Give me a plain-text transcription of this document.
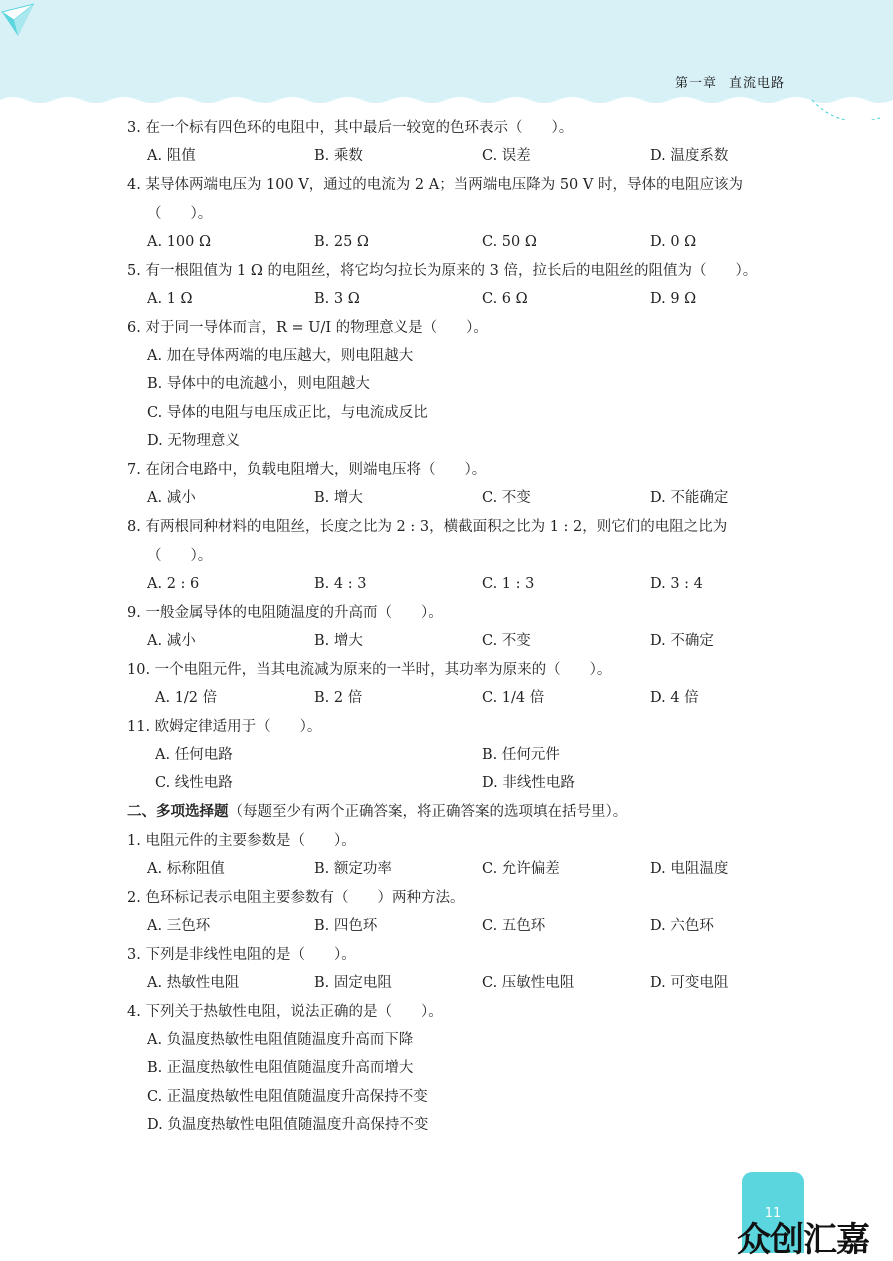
第一章 直流电路
3. 在一个标有四色环的电阻中，其中最后一较宽的色环表示（　　）。
A. 阻值	B. 乘数	C. 误差	D. 温度系数
4. 某导体两端电压为 100 V，通过的电流为 2 A；当两端电压降为 50 V 时，导体的电阻应该为
（　　）。
A. 100 Ω	B. 25 Ω	C. 50 Ω	D. 0 Ω
5. 有一根阻值为 1 Ω 的电阻丝，将它均匀拉长为原来的 3 倍，拉长后的电阻丝的阻值为（　　）。
A. 1 Ω	B. 3 Ω	C. 6 Ω	D. 9 Ω
6. 对于同一导体而言，R = U/I 的物理意义是（　　）。
A. 加在导体两端的电压越大，则电阻越大
B. 导体中的电流越小，则电阻越大
C. 导体的电阻与电压成正比，与电流成反比
D. 无物理意义
7. 在闭合电路中，负载电阻增大，则端电压将（　　）。
A. 减小	B. 增大	C. 不变	D. 不能确定
8. 有两根同种材料的电阻丝，长度之比为 2 : 3，横截面积之比为 1 : 2，则它们的电阻之比为
（　　）。
A. 2 : 6	B. 4 : 3	C. 1 : 3	D. 3 : 4
9. 一般金属导体的电阻随温度的升高而（　　）。
A. 减小	B. 增大	C. 不变	D. 不确定
10. 一个电阻元件，当其电流减为原来的一半时，其功率为原来的（　　）。
A. 1/2 倍	B. 2 倍	C. 1/4 倍	D. 4 倍
11. 欧姆定律适用于（　　）。
A. 任何电路	B. 任何元件
C. 线性电路	D. 非线性电路
二、多项选择题（每题至少有两个正确答案，将正确答案的选项填在括号里）。
1. 电阻元件的主要参数是（　　）。
A. 标称阻值	B. 额定功率	C. 允许偏差	D. 电阻温度
2. 色环标记表示电阻主要参数有（　　）两种方法。
A. 三色环	B. 四色环	C. 五色环	D. 六色环
3. 下列是非线性电阻的是（　　）。
A. 热敏性电阻	B. 固定电阻	C. 压敏性电阻	D. 可变电阻
4. 下列关于热敏性电阻，说法正确的是（　　）。
A. 负温度热敏性电阻值随温度升高而下降
B. 正温度热敏性电阻值随温度升高而增大
C. 正温度热敏性电阻值随温度升高保持不变
D. 负温度热敏性电阻值随温度升高保持不变
11
众创汇嘉
